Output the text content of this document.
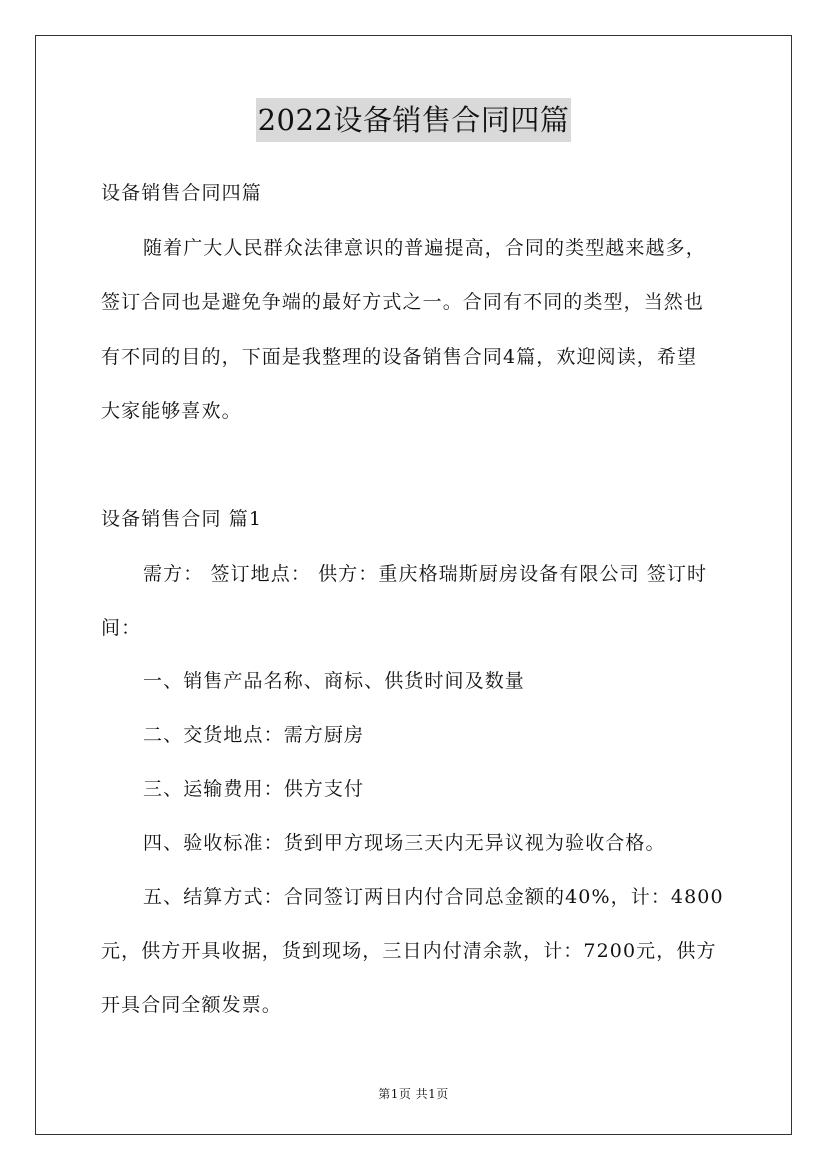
2022设备销售合同四篇
设备销售合同四篇
随着广大人民群众法律意识的普遍提高，合同的类型越来越多，
签订合同也是避免争端的最好方式之一。合同有不同的类型，当然也
有不同的目的，下面是我整理的设备销售合同4篇，欢迎阅读，希望
大家能够喜欢。
设备销售合同 篇1
需方： 签订地点： 供方：重庆格瑞斯厨房设备有限公司 签订时
间：
一、销售产品名称、商标、供货时间及数量
二、交货地点：需方厨房
三、运输费用：供方支付
四、验收标准：货到甲方现场三天内无异议视为验收合格。
五、结算方式：合同签订两日内付合同总金额的40%，计：4800
元，供方开具收据，货到现场，三日内付清余款，计：7200元，供方
开具合同全额发票。
第1页 共1页
